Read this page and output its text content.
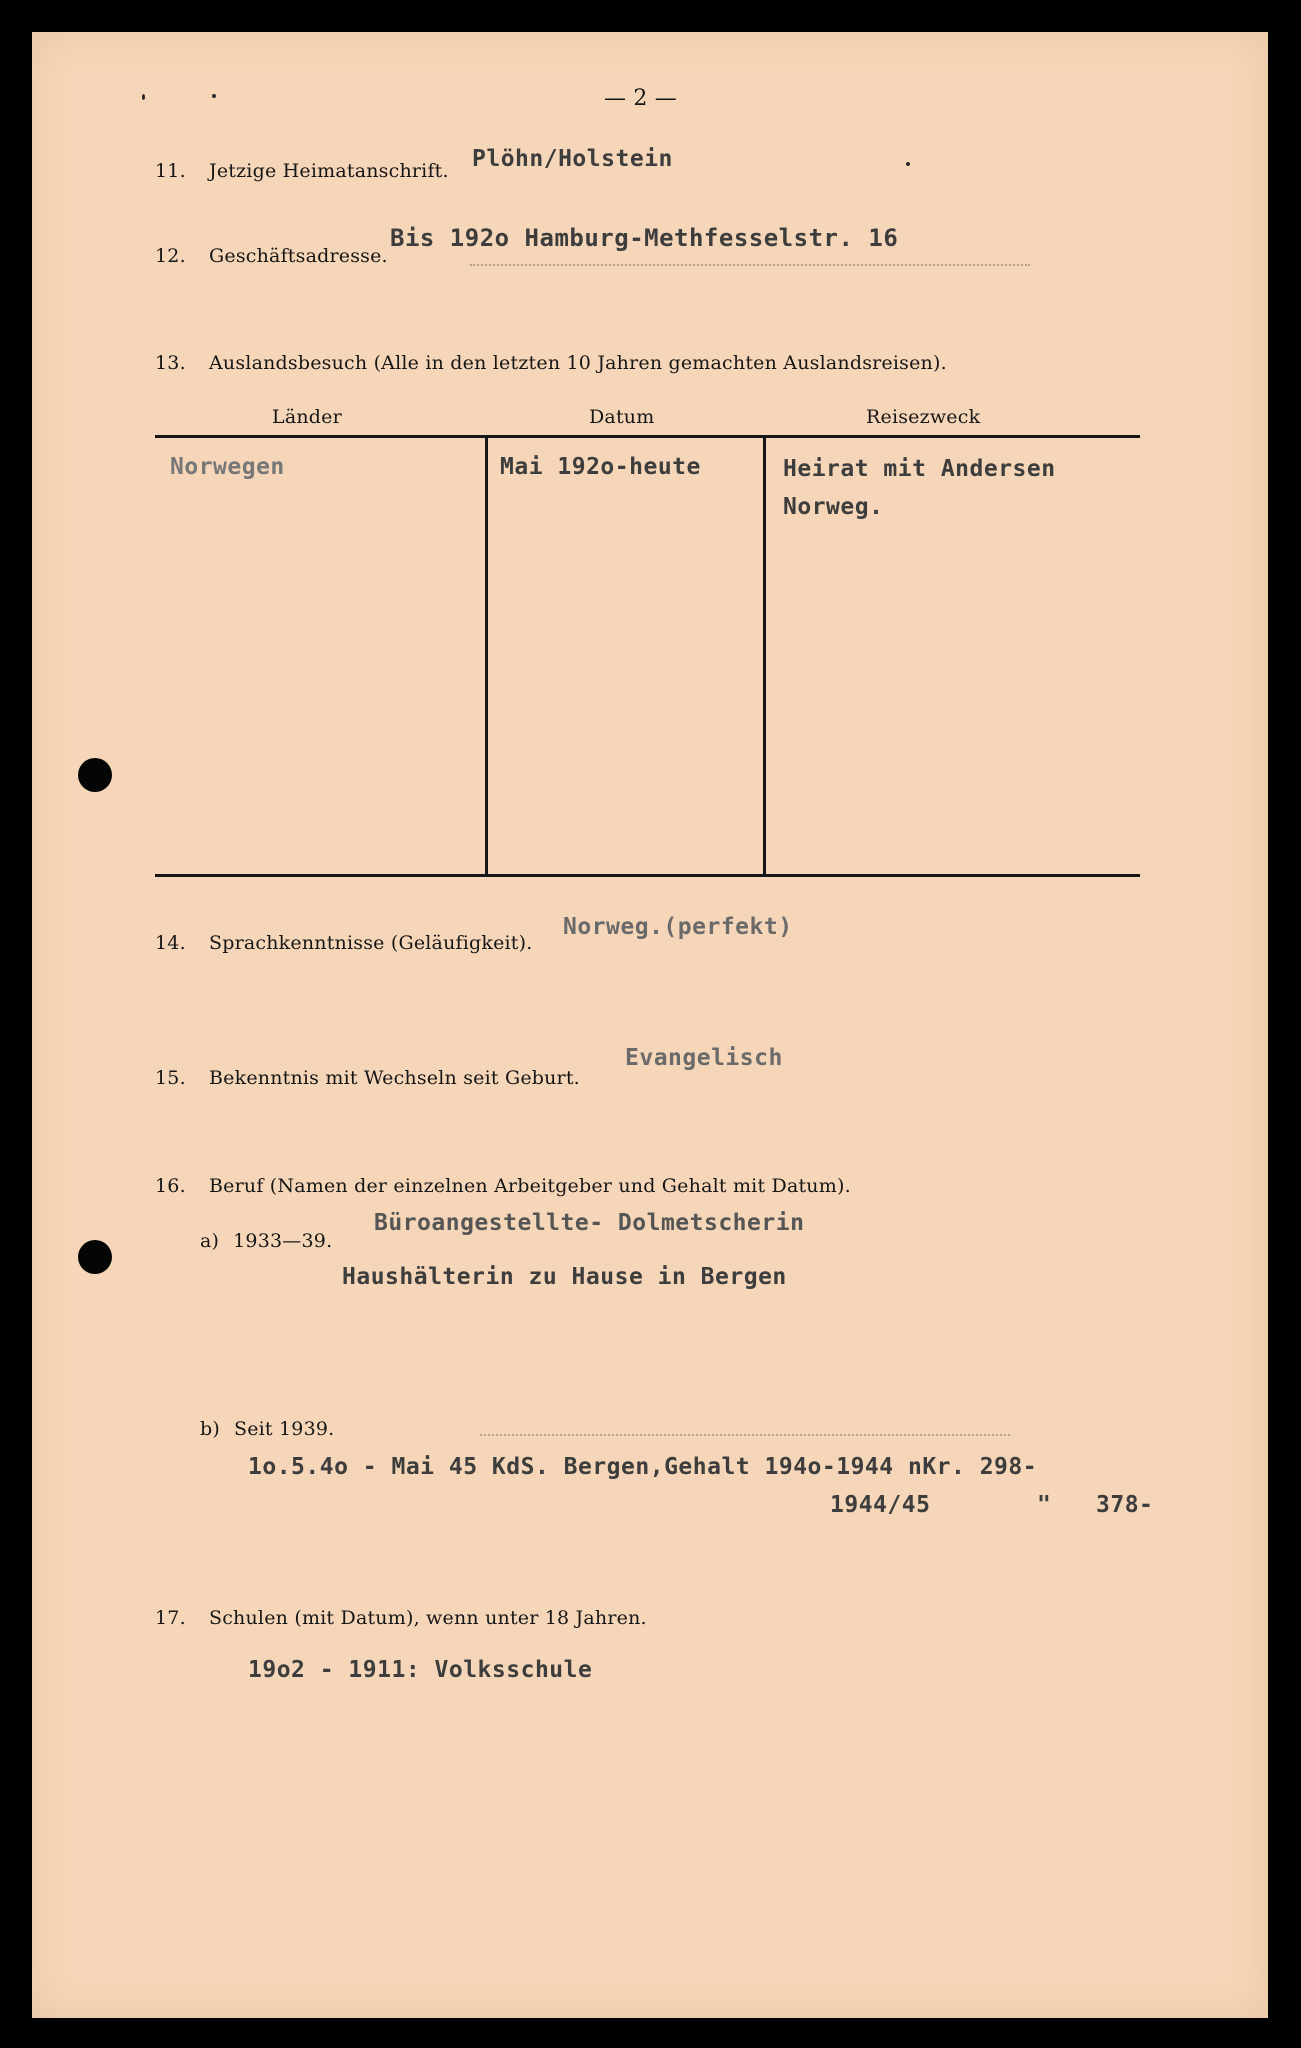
— 2 —
11. Jetzige Heimatanschrift. Plöhn/Holstein
12. Geschäftsadresse.
Bis 192o Hamburg-Methfesselstr. 16
13. Auslandsbesuch (Alle in den letzten 10 Jahren gemachten Auslandsreisen).
Länder	Datum	Reisezweck
Norwegen	Mai 192o-heute	Heirat mit Andersen
Norweg.
14. Sprachkenntnisse (Geläufigkeit).
Norweg.(perfekt)
15. Bekenntnis mit Wechseln seit Geburt.
Evangelisch
16. Beruf (Namen der einzelnen Arbeitgeber und Gehalt mit Datum).
a) 1933—39.
Büroangestellte- Dolmetscherin
Haushälterin zu Hause in Bergen
b) Seit 1939.
1o.5.4o - Mai 45 KdS. Bergen,Gehalt 194o-1944 nKr. 298-
1944/45	" 378-
17. Schulen (mit Datum), wenn unter 18 Jahren.
19o2 - 1911: Volksschule
